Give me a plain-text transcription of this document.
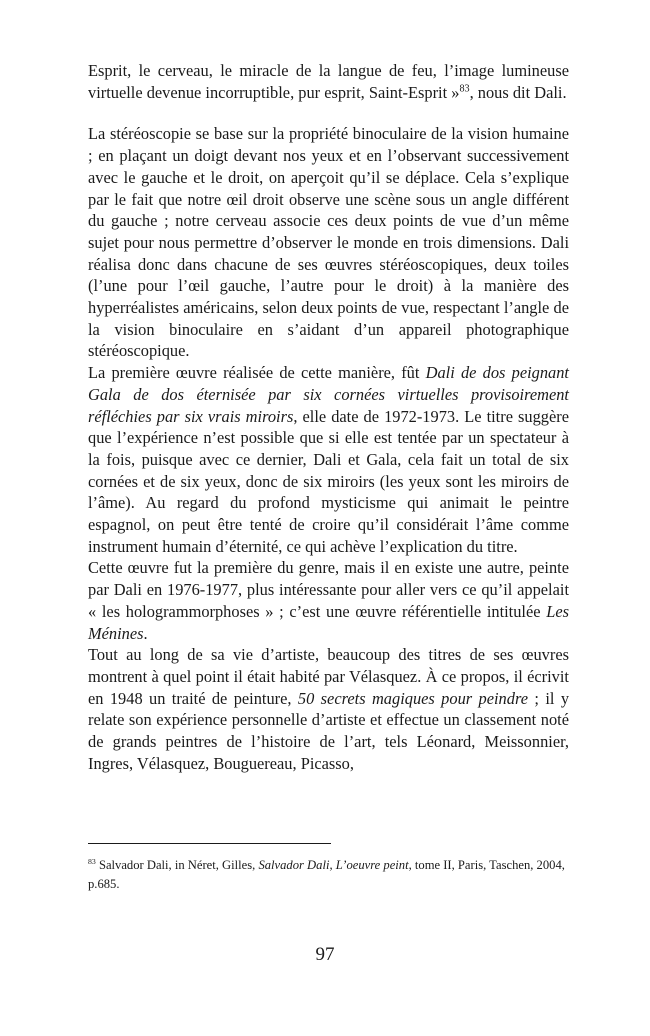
Esprit, le cerveau, le miracle de la langue de feu, l’image lumineuse virtuelle devenue incorruptible, pur esprit, Saint-Esprit »$^{83}$, nous dit Dali.

La stéréoscopie se base sur la propriété binoculaire de la vision humaine ; en plaçant un doigt devant nos yeux et en l’observant successivement avec le gauche et le droit, on aperçoit qu’il se déplace. Cela s’explique par le fait que notre œil droit observe une scène sous un angle différent du gauche ; notre cerveau associe ces deux points de vue d’un même sujet pour nous permettre d’observer le monde en trois dimensions. Dali réalisa donc dans chacune de ses œuvres stéréoscopiques, deux toiles (l’une pour l’œil gauche, l’autre pour le droit) à la manière des hyperréalistes américains, selon deux points de vue, respectant l’angle de la vision binoculaire en s’aidant d’un appareil photographique stéréoscopique.

La première œuvre réalisée de cette manière, fût Dali de dos peignant Gala de dos éternisée par six cornées virtuelles provisoirement réfléchies par six vrais miroirs, elle date de 1972-1973. Le titre suggère que l’expérience n’est possible que si elle est tentée par un spectateur à la fois, puisque avec ce dernier, Dali et Gala, cela fait un total de six cornées et de six yeux, donc de six miroirs (les yeux sont les miroirs de l’âme). Au regard du profond mysticisme qui animait le peintre espagnol, on peut être tenté de croire qu’il considérait l’âme comme instrument humain d’éternité, ce qui achève l’explication du titre.

Cette œuvre fut la première du genre, mais il en existe une autre, peinte par Dali en 1976-1977, plus intéressante pour aller vers ce qu’il appelait « les hologrammorphoses » ; c’est une œuvre référentielle intitulée Les Ménines.

Tout au long de sa vie d’artiste, beaucoup des titres de ses œuvres montrent à quel point il était habité par Vélasquez. À ce propos, il écrivit en 1948 un traité de peinture, 50 secrets magiques pour peindre ; il y relate son expérience personnelle d’artiste et effectue un classement noté de grands peintres de l’histoire de l’art, tels Léonard, Meissonnier, Ingres, Vélasquez, Bouguereau, Picasso,

$^{83}$ Salvador Dali, in Néret, Gilles, Salvador Dali, L’oeuvre peint, tome II, Paris, Taschen, 2004, p.685.

97
